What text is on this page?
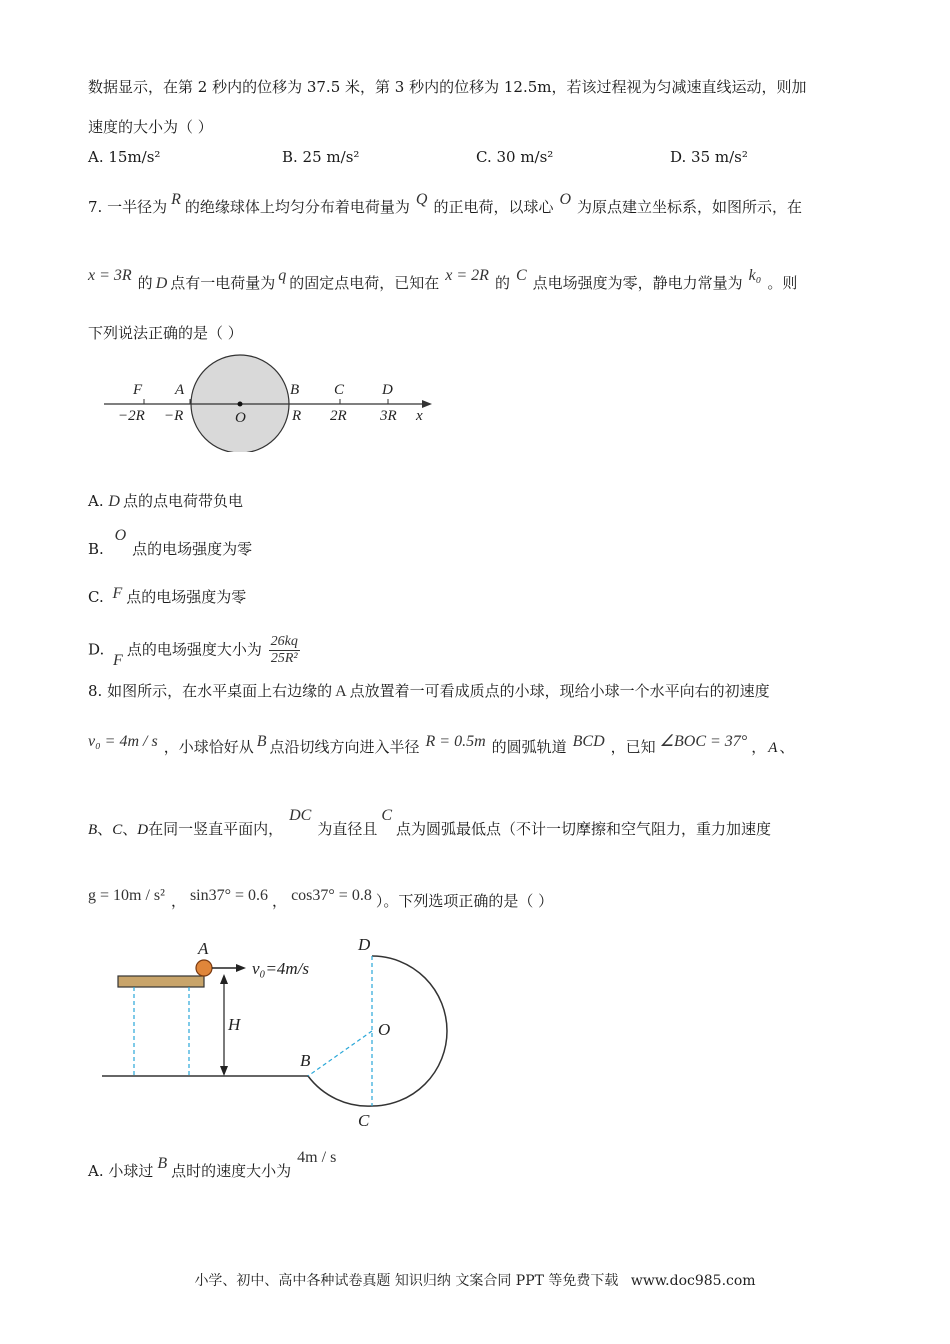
数据显示，在第 2 秒内的位移为 37.5 米，第 3 秒内的位移为 12.5m，若该过程视为匀减速直线运动，则加
速度的大小为（ ）
A. 15m/s²	B. 25 m/s²	C. 30 m/s²	D. 35 m/s²
7. 一半径为 R 的绝缘球体上均匀分布着电荷量为 Q 的正电荷，以球心 O 为原点建立坐标系，如图所示，在
x = 3R 的 D 点有一电荷量为 q 的固定点电荷，已知在 x = 2R 的 C 点电场强度为零，静电力常量为 k₀ 。则
下列说法正确的是（ ）
F A	B C	D
−2R −R	O	R 2R 3R x
A. D 点的点电荷带负电
B. O点的电场强度为零
C. F 点的电场强度为零
D. F点的电场强度大小为 $\frac{26kq}{\text{25R²}}$
8. 如图所示，在水平桌面上右边缘的 A 点放置着一可看成质点的小球，现给小球一个水平向右的初速度
v₀ = 4m / s ，小球恰好从 B 点沿切线方向进入半径 R = 0.5m 的圆弧轨道 BCD ，已知 ∠BOC = 37° ， A 、
B、C、D在同一竖直平面内，DC为直径且C点为圆弧最低点（不计一切摩擦和空气阻力，重力加速度
g = 10m / s² ， sin37° = 0.6 ， cos37° = 0.8 ）。下列选项正确的是（ ）
A
v₀=4m/s
H
D
O
B
C
A. 小球过 B 点时的速度大小为4m / s
小学、初中、高中各种试卷真题 知识归纳 文案合同 PPT 等免费下载 www.doc985.com
